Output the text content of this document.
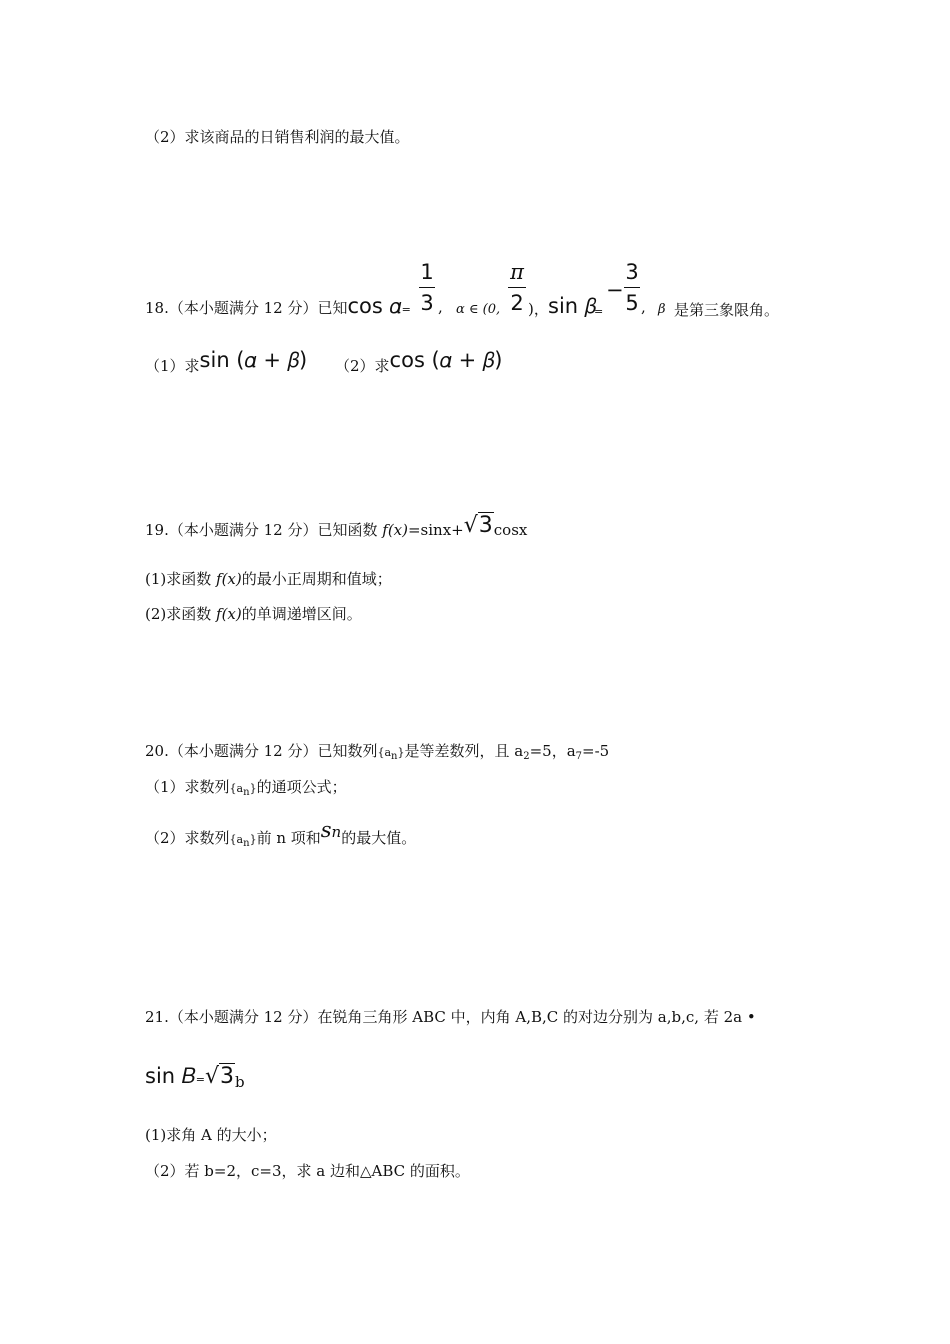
（2）求该商品的日销售利润的最大值。
18.（本小题满分 12 分）已知cos 𝛼=
1
3 , α ∈ (0,
𝜋
2 )， sin 𝛽
=
−
3
5 , β 是第三象限角。
（1）求sin (𝛼 + 𝛽) （2）求cos (𝛼 + 𝛽)
19.（本小题满分 12 分）已知函数 f(x)=sinx+√3cosx
(1)求函数 f(x)的最小正周期和值域；
(2)求函数 f(x)的单调递增区间。
20.（本小题满分 12 分）已知数列{an}是等差数列，且 $a_2=5$，$a_7=-5$
（1）求数列{an}的通项公式；
（2）求数列{an}前 n 项和𝑠𝑛的最大值。
21.（本小题满分 12 分）在锐角三角形 ABC 中，内角 A,B,C 的对边分别为 a,b,c, 若 2a •
sin 𝐵=√3b
(1)求角 A 的大小；
（2）若 b=2，c=3，求 a 边和△ABC 的面积。
